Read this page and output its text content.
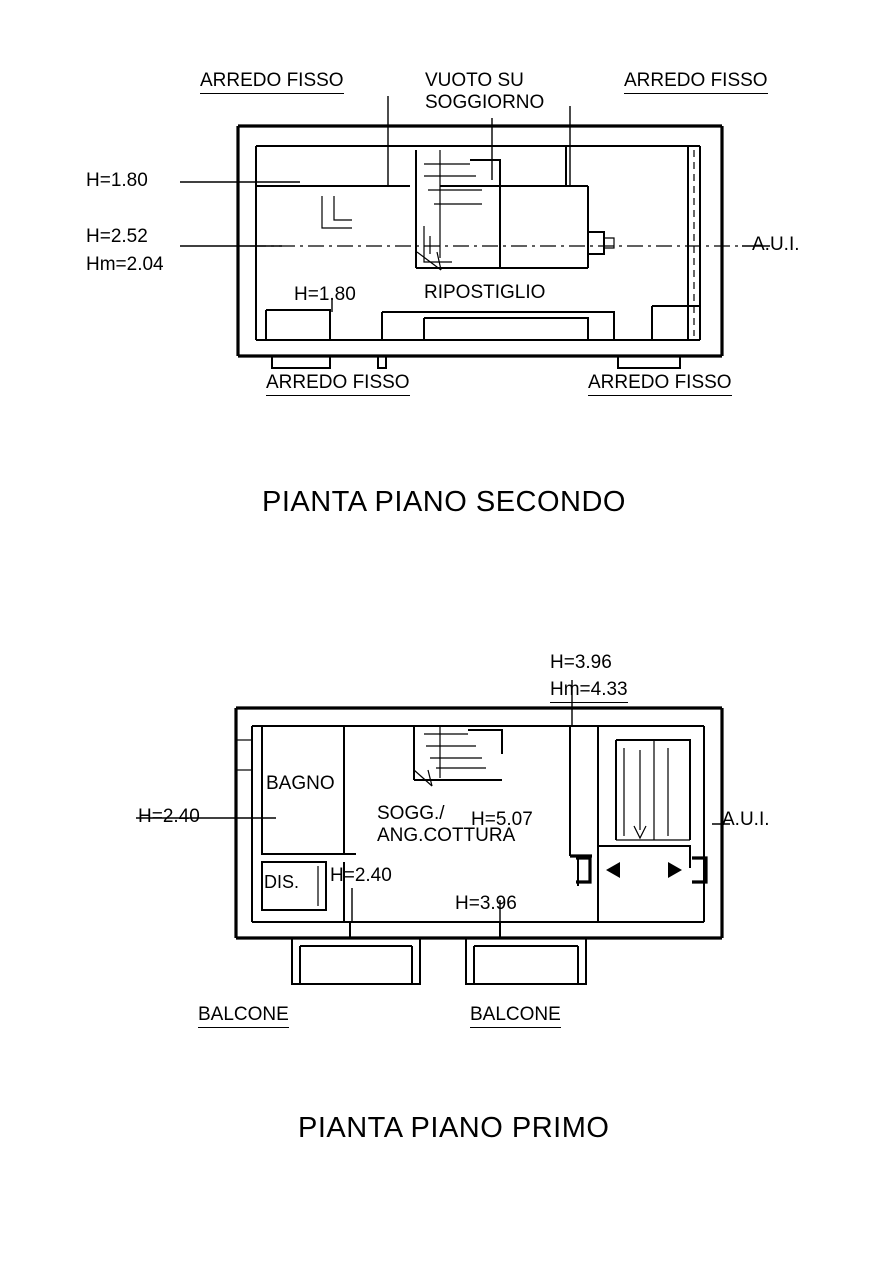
ARREDO FISSO	VUOTO SU
SOGGIORNO
ARREDO FISSO
H=1.80
H=2.52
Hm=2.04
H=1.80	RIPOSTIGLIO
A.U.I.
ARREDO FISSO	ARREDO FISSO
PIANTA PIANO SECONDO
H=3.96
Hm=4.33
BAGNO
H=2.40	SOGG./
ANG.COTTURA
H=5.07
DIS. H=2.40
H=3.96
A.U.I.
BALCONE	BALCONE
PIANTA PIANO PRIMO
